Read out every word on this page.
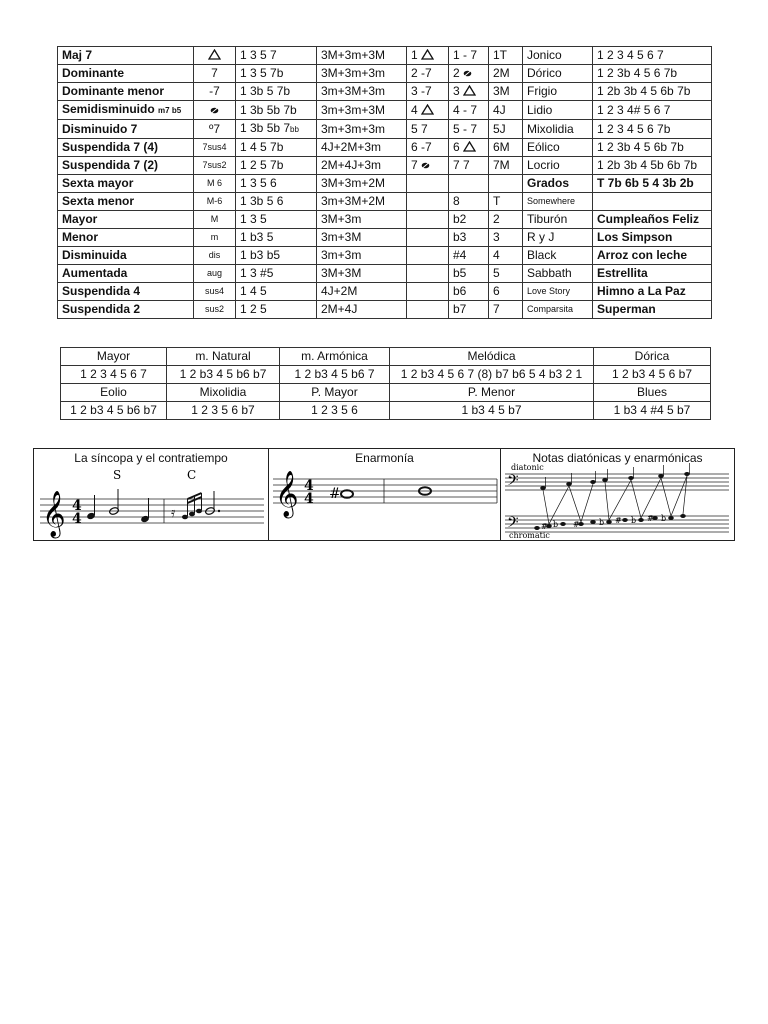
Maj 7		1 3 5 7	3M+3m+3M	1	1 - 7	1T	Jonico	1 2 3 4 5 6 7
Dominante	7	1 3 5 7b	3M+3m+3m	2 -7	2	2M	Dórico	1 2 3b 4 5 6 7b
Dominante menor	-7	1 3b 5 7b	3m+3M+3m	3 -7	3	3M	Frigio	1 2b 3b 4 5 6b 7b
Semidisminuido m7 b5		1 3b 5b 7b	3m+3m+3M	4	4 - 7	4J	Lidio	1 2 3 4# 5 6 7
Disminuido 7	º7	1 3b 5b 7bb	3m+3m+3m	5 7	5 - 7	5J	Mixolidia	1 2 3 4 5 6 7b
Suspendida 7 (4)	7sus4	1 4 5 7b	4J+2M+3m	6 -7	6	6M	Eólico	1 2 3b 4 5 6b 7b
Suspendida 7 (2)	7sus2	1 2 5 7b	2M+4J+3m	7	7 7	7M	Locrio	1 2b 3b 4 5b 6b 7b
Sexta mayor	M 6	1 3 5 6	3M+3m+2M				Grados	T 7b 6b 5 4 3b 2b
Sexta menor	M-6	1 3b 5 6	3m+3M+2M		8	T	Somewhere	
Mayor	M	1 3 5	3M+3m		b2	2	Tiburón	Cumpleaños Feliz
Menor	m	1 b3 5	3m+3M		b3	3	R y J	Los Simpson
Disminuida	dis	1 b3 b5	3m+3m		#4	4	Black	Arroz con leche
Aumentada	aug	1 3 #5	3M+3M		b5	5	Sabbath	Estrellita
Suspendida 4	sus4	1 4 5	4J+2M		b6	6	Love Story	Himno a La Paz
Suspendida 2	sus2	1 2 5	2M+4J		b7	7	Comparsita	Superman
Mayor	m. Natural	m. Armónica	Melódica	Dórica
1 2 3 4 5 6 7	1 2 b3 4 5 b6 b7	1 2 b3 4 5 b6 7	1 2 b3 4 5 6 7 (8) b7 b6 5 4 b3 2 1	1 2 b3 4 5 6 b7
Eolio	Mixolidia	P. Mayor	P. Menor	Blues
1 2 b3 4 5 b6 b7	1 2 3 5 6 b7	1 2 3 5 6	1 b3 4 5 b7	1 b3 4 #4 5 b7
La síncopa y el contratiempo
𝄞 4
4
S	C
𝄿
Enarmonía
𝄞 4
4 #
Notas diatónicas y enarmónicas
diatonic
chromatic
𝄢
𝄢	# b # b # b # b
